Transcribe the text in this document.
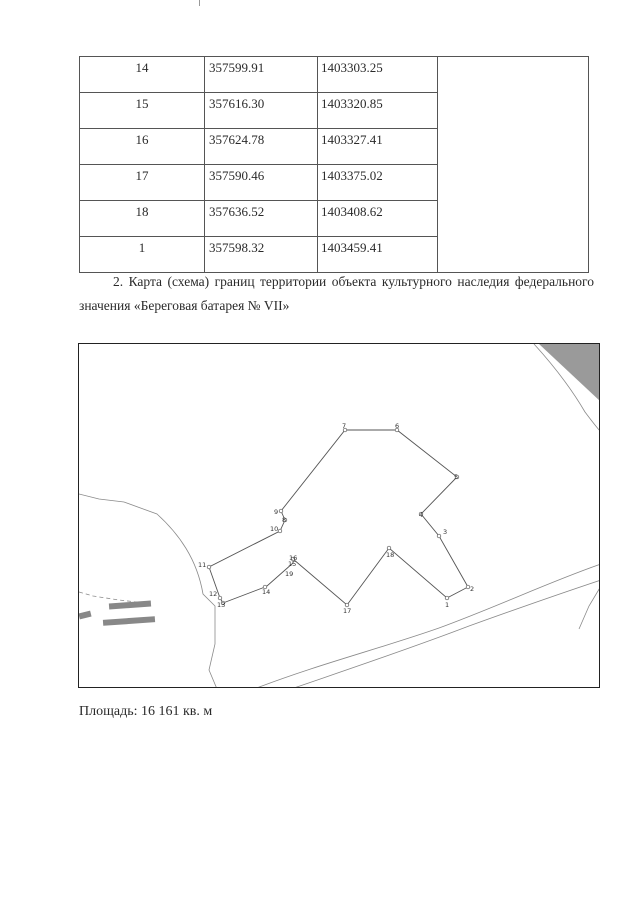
14	357599.91	1403303.25	
15	357616.30	1403320.85	
16	357624.78	1403327.41	
17	357590.46	1403375.02	
18	357636.52	1403408.62	
1	357598.32	1403459.41	

2. Карта (схема) границ территории объекта культурного наследия федерального значения «Береговая батарея № VII»

1
2
3
4
5
6
7
8
9
10
11
12
13
14
15
16
17
18
19
Площадь: 16 161 кв. м
